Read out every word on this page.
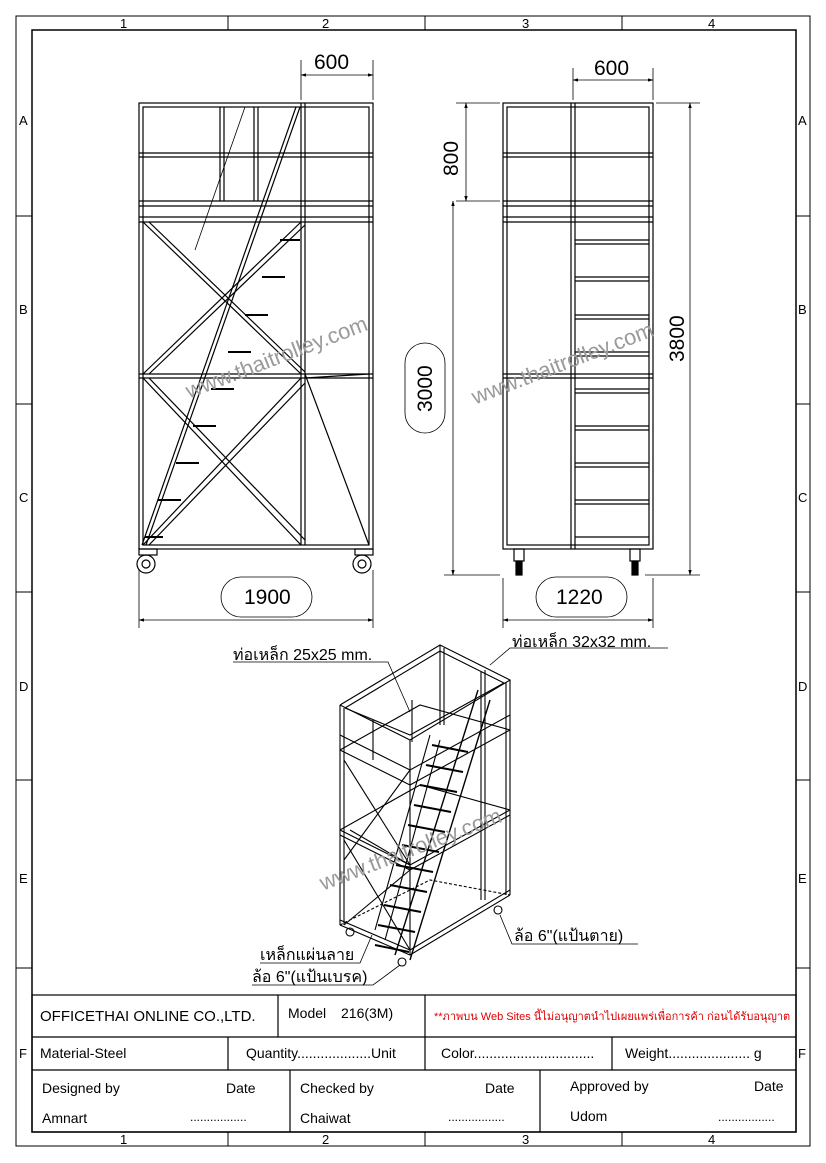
1	2	3	4
1	2	3	4
A
B
C
D
E
F
A
B
C
D
E
F
600	600
1900	1220
800
3000
3800
www.thaitrolley.com	www.thaitrolley.com
www.thaitrolley.com
ท่อเหล็ก 25x25 mm.
ท่อเหล็ก 32x32 mm.
เหล็กแผ่นลาย
ล้อ 6"(แป้นเบรค)
ล้อ 6"(แป้นตาย)
OFFICETHAI ONLINE CO.,LTD. Model 216(3M)	**ภาพบน Web Sites นี้ไม่อนุญาตนำไปเผยแพร่เพื่อการค้า ก่อนได้รับอนุญาต
Material-Steel	Quantity...................Unit	Color............................... Weight..................... g
Designed by	Date
Amnart	.................
Checked by	Date
Chaiwat	.................
Approved by	Date
Udom	.................
